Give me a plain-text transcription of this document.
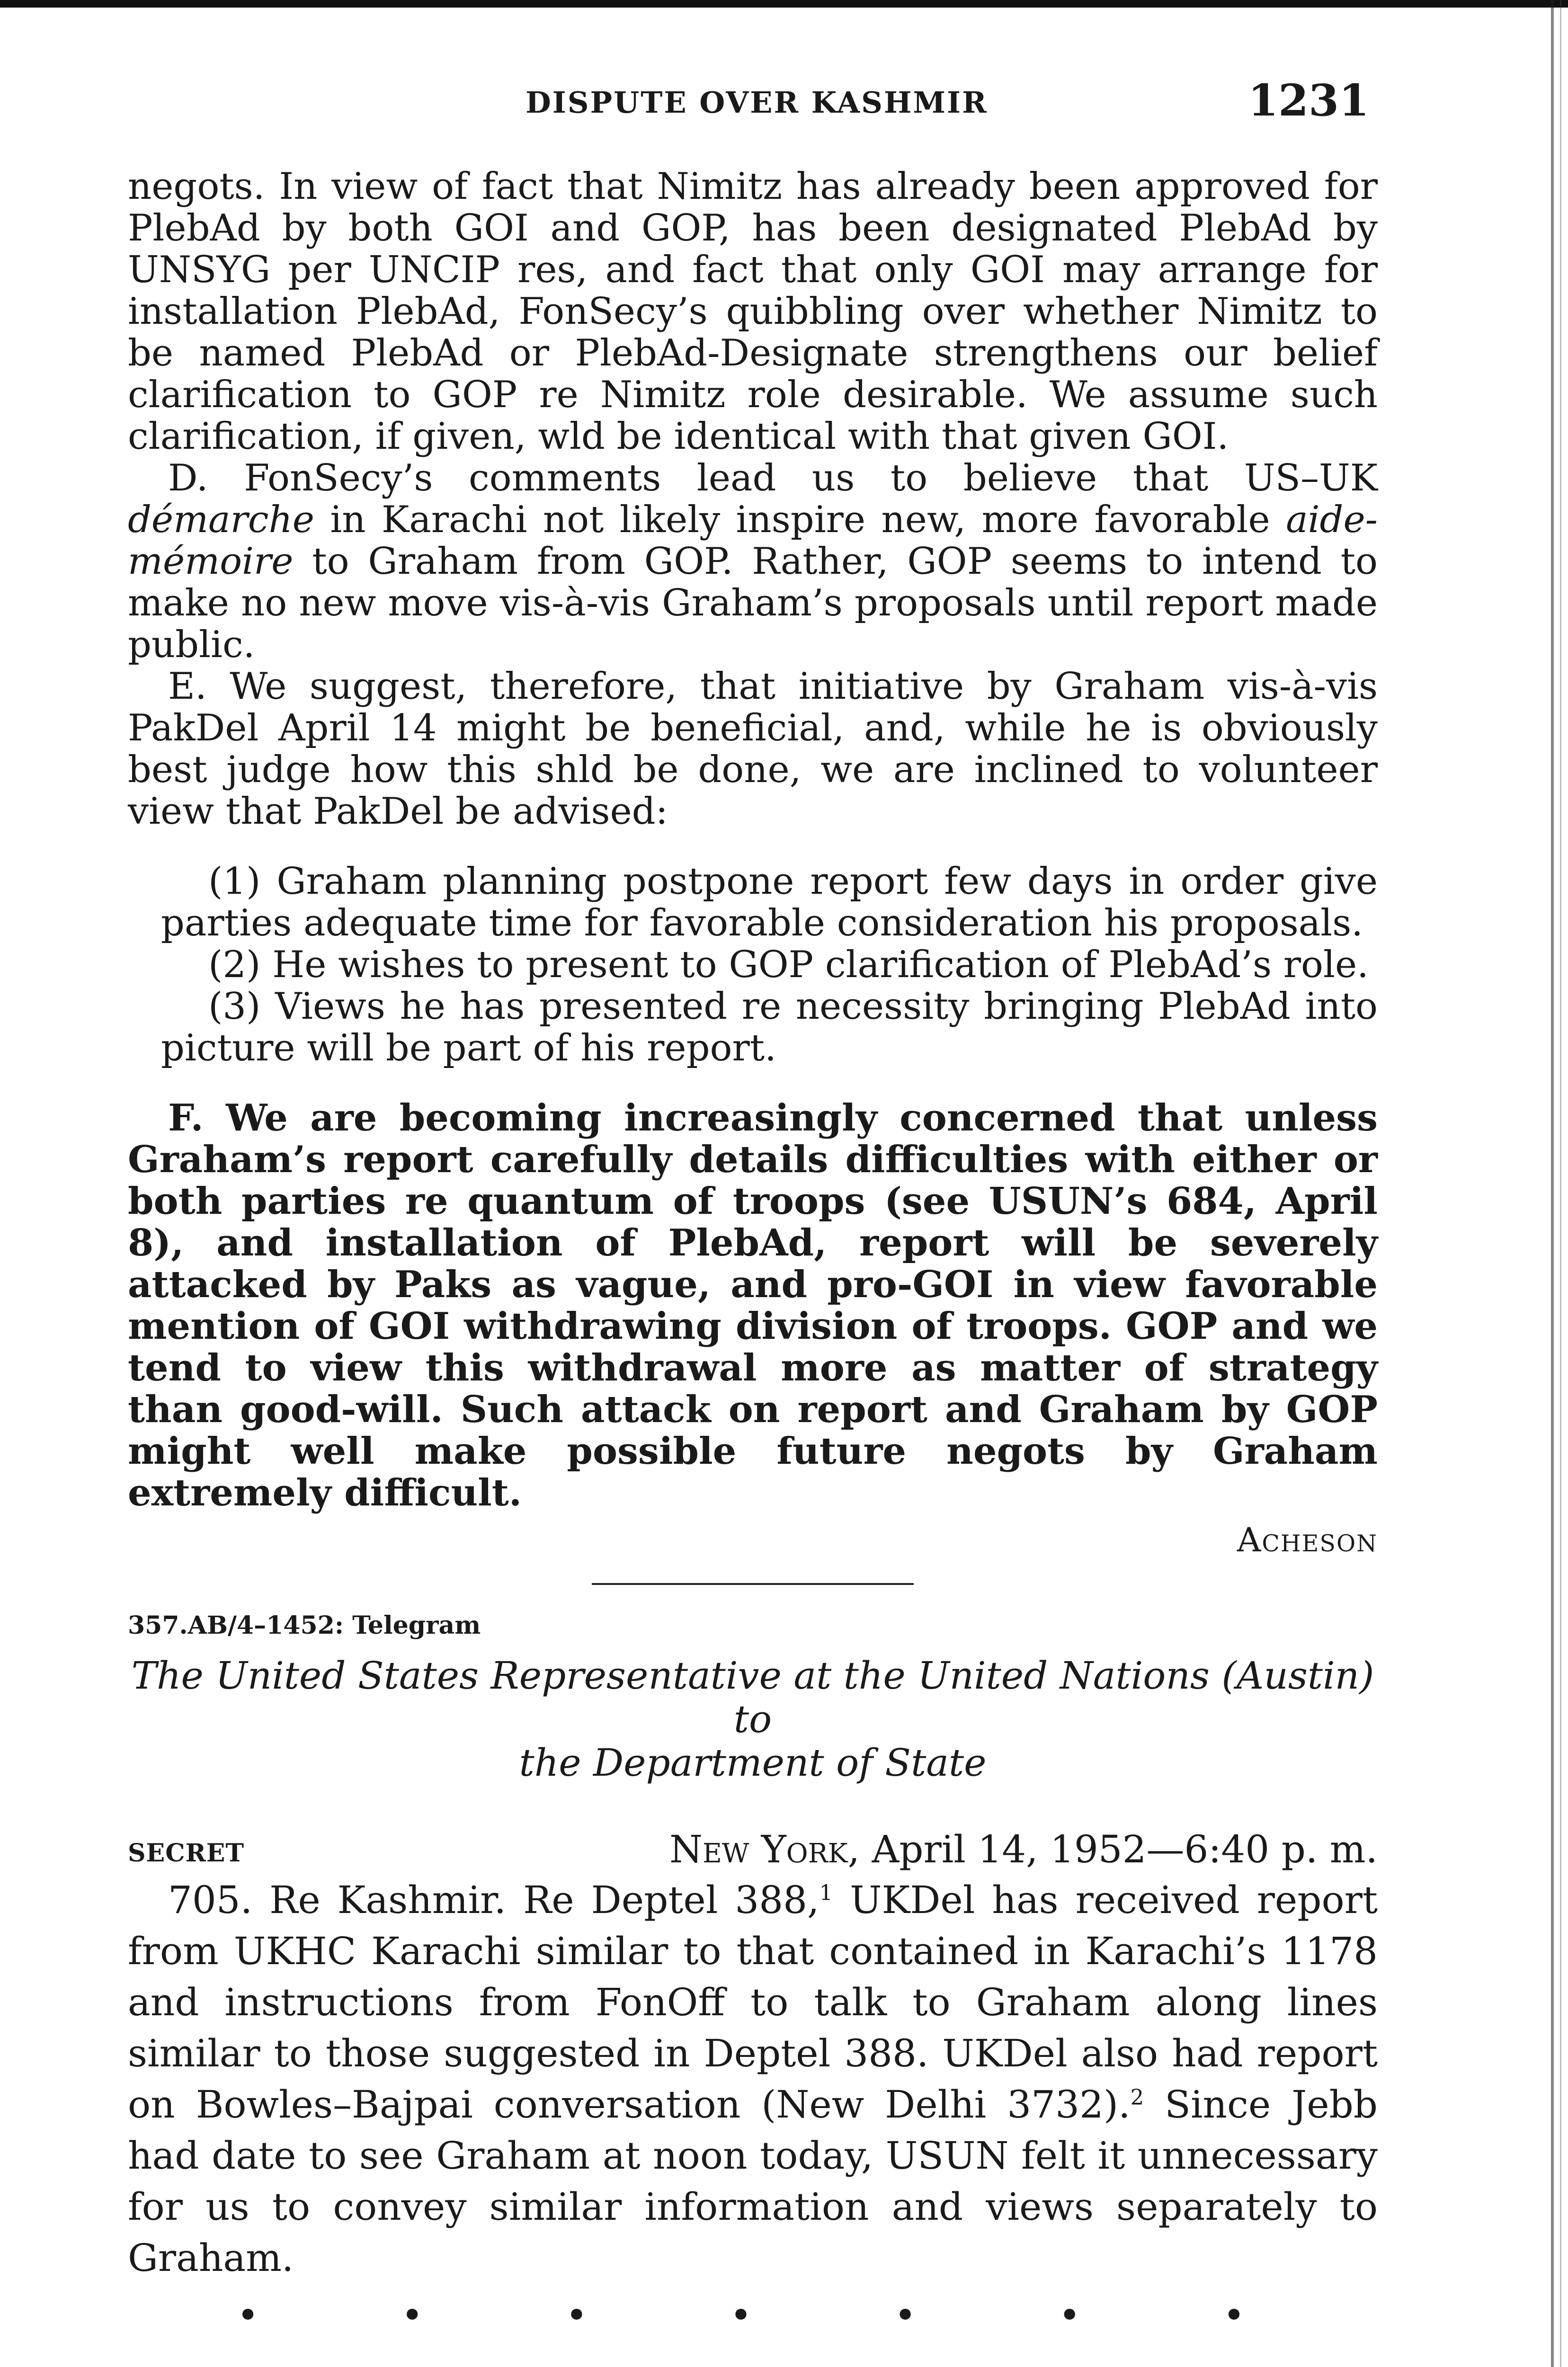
DISPUTE OVER KASHMIR	1231

negots. In view of fact that Nimitz has already been approved for PlebAd by both GOI and GOP, has been designated PlebAd by UNSYG per UNCIP res, and fact that only GOI may arrange for installation PlebAd, FonSecy’s quibbling over whether Nimitz to be named PlebAd or PlebAd-Designate strengthens our belief clarification to GOP re Nimitz role desirable. We assume such clarification, if given, wld be identical with that given GOI.

D. FonSecy’s comments lead us to believe that US–UK démarche in Karachi not likely inspire new, more favorable aide-mémoire to Graham from GOP. Rather, GOP seems to intend to make no new move vis-à-vis Graham’s proposals until report made public.

E. We suggest, therefore, that initiative by Graham vis-à-vis PakDel April 14 might be beneficial, and, while he is obviously best judge how this shld be done, we are inclined to volunteer view that PakDel be advised:

(1) Graham planning postpone report few days in order give parties adequate time for favorable consideration his proposals.

(2) He wishes to present to GOP clarification of PlebAd’s role.

(3) Views he has presented re necessity bringing PlebAd into picture will be part of his report.

F. We are becoming increasingly concerned that unless Graham’s report carefully details difficulties with either or both parties re quantum of troops (see USUN’s 684, April 8), and installation of PlebAd, report will be severely attacked by Paks as vague, and pro-GOI in view favorable mention of GOI withdrawing division of troops. GOP and we tend to view this withdrawal more as matter of strategy than good-will. Such attack on report and Graham by GOP might well make possible future negots by Graham extremely difficult.

Acheson
357.AB/4–1452: Telegram
The United States Representative at the United Nations (Austin) to
the Department of State
SECRET	New York, April 14, 1952—6:40 p. m.

705. Re Kashmir. Re Deptel 388,$^1$ UKDel has received report from UKHC Karachi similar to that contained in Karachi’s 1178 and instructions from FonOff to talk to Graham along lines similar to those suggested in Deptel 388. UKDel also had report on Bowles–Bajpai conversation (New Delhi 3732).$^2$ Since Jebb had date to see Graham at noon today, USUN felt it unnecessary for us to convey similar information and views separately to Graham.

•	•	•	•	•	•	•
